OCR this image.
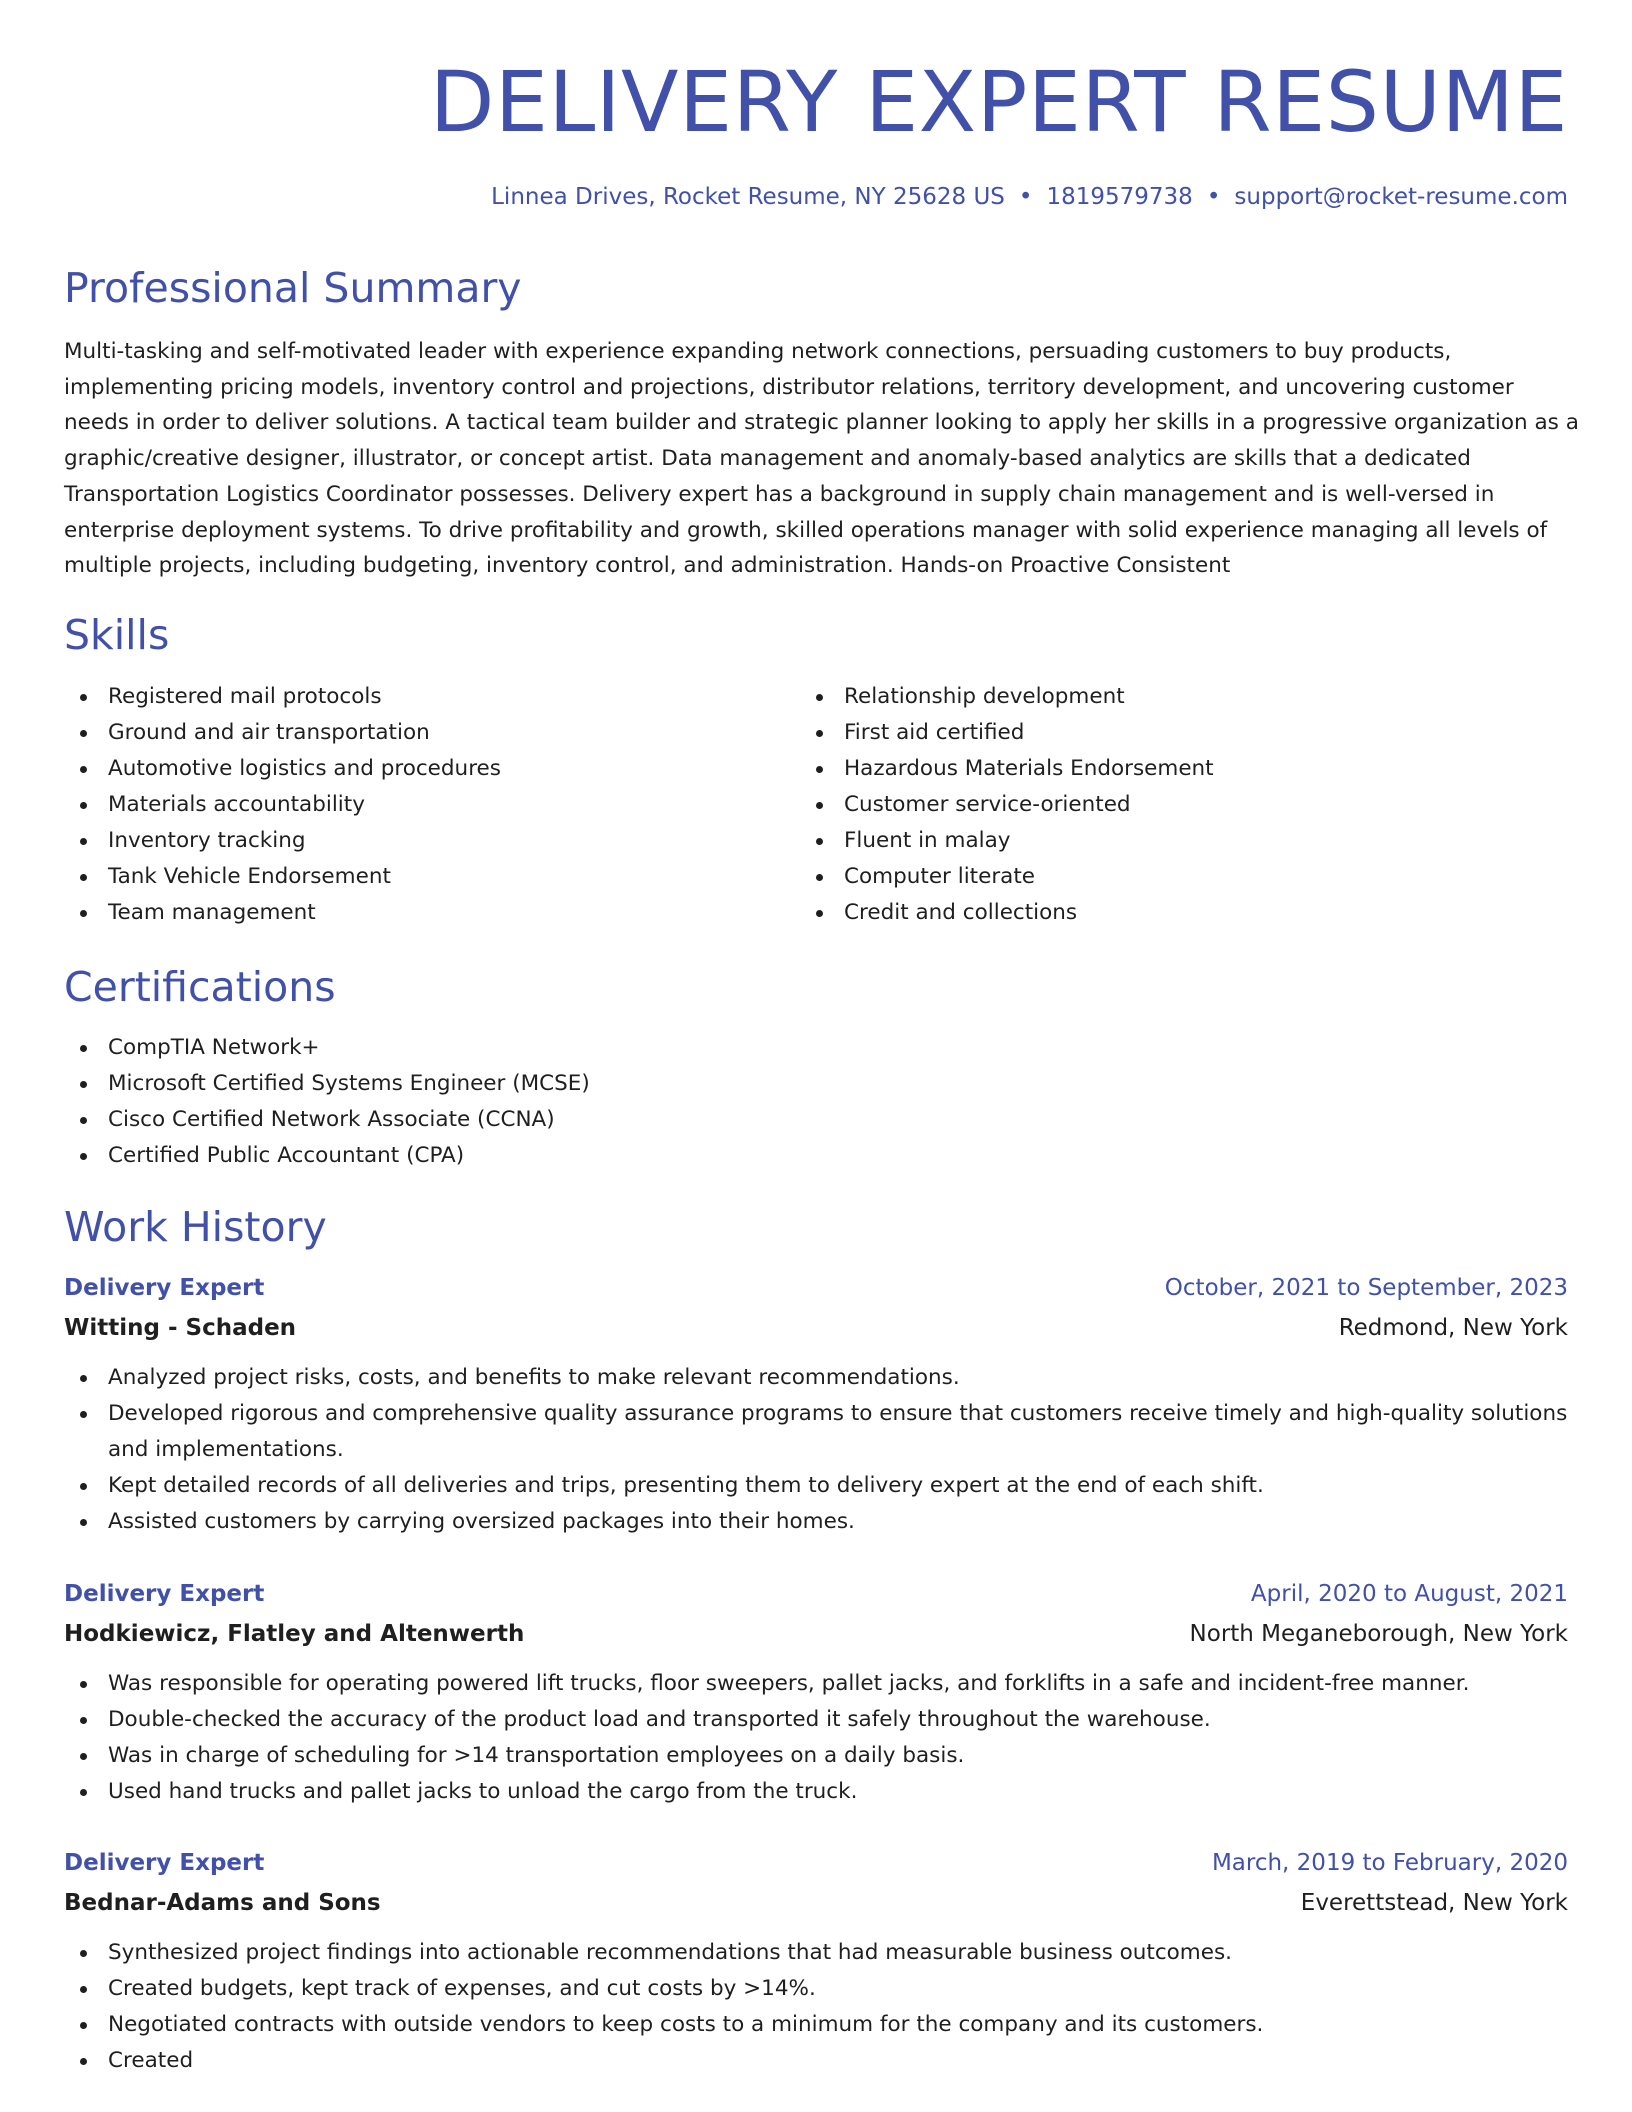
DELIVERY EXPERT RESUME
Linnea Drives, Rocket Resume, NY 25628 US • 1819579738 • support@rocket-resume.com
Professional Summary

Multi-tasking and self-motivated leader with experience expanding network connections, persuading customers to buy products, implementing pricing models, inventory control and projections, distributor relations, territory development, and uncovering customer needs in order to deliver solutions. A tactical team builder and strategic planner looking to apply her skills in a progressive organization as a graphic/creative designer, illustrator, or concept artist. Data management and anomaly-based analytics are skills that a dedicated Transportation Logistics Coordinator possesses. Delivery expert has a background in supply chain management and is well-versed in enterprise deployment systems. To drive profitability and growth, skilled operations manager with solid experience managing all levels of multiple projects, including budgeting, inventory control, and administration. Hands-on Proactive Consistent

Skills
Registered mail protocols
Ground and air transportation
Automotive logistics and procedures
Materials accountability
Inventory tracking
Tank Vehicle Endorsement
Team management
Relationship development
First aid certified
Hazardous Materials Endorsement
Customer service-oriented
Fluent in malay
Computer literate
Credit and collections
Certifications
CompTIA Network+
Microsoft Certified Systems Engineer (MCSE)
Cisco Certified Network Associate (CCNA)
Certified Public Accountant (CPA)
Work History
Delivery Expert	October, 2021 to September, 2023
Witting - Schaden	Redmond, New York
Analyzed project risks, costs, and benefits to make relevant recommendations.
Developed rigorous and comprehensive quality assurance programs to ensure that customers receive timely and high-quality solutions and implementations.
Kept detailed records of all deliveries and trips, presenting them to delivery expert at the end of each shift.
Assisted customers by carrying oversized packages into their homes.
Delivery Expert	April, 2020 to August, 2021
Hodkiewicz, Flatley and Altenwerth	North Meganeborough, New York
Was responsible for operating powered lift trucks, floor sweepers, pallet jacks, and forklifts in a safe and incident-free manner.
Double-checked the accuracy of the product load and transported it safely throughout the warehouse.
Was in charge of scheduling for >14 transportation employees on a daily basis.
Used hand trucks and pallet jacks to unload the cargo from the truck.
Delivery Expert	March, 2019 to February, 2020
Bednar-Adams and Sons	Everettstead, New York
Synthesized project findings into actionable recommendations that had measurable business outcomes.
Created budgets, kept track of expenses, and cut costs by >14%.
Negotiated contracts with outside vendors to keep costs to a minimum for the company and its customers.
Created
